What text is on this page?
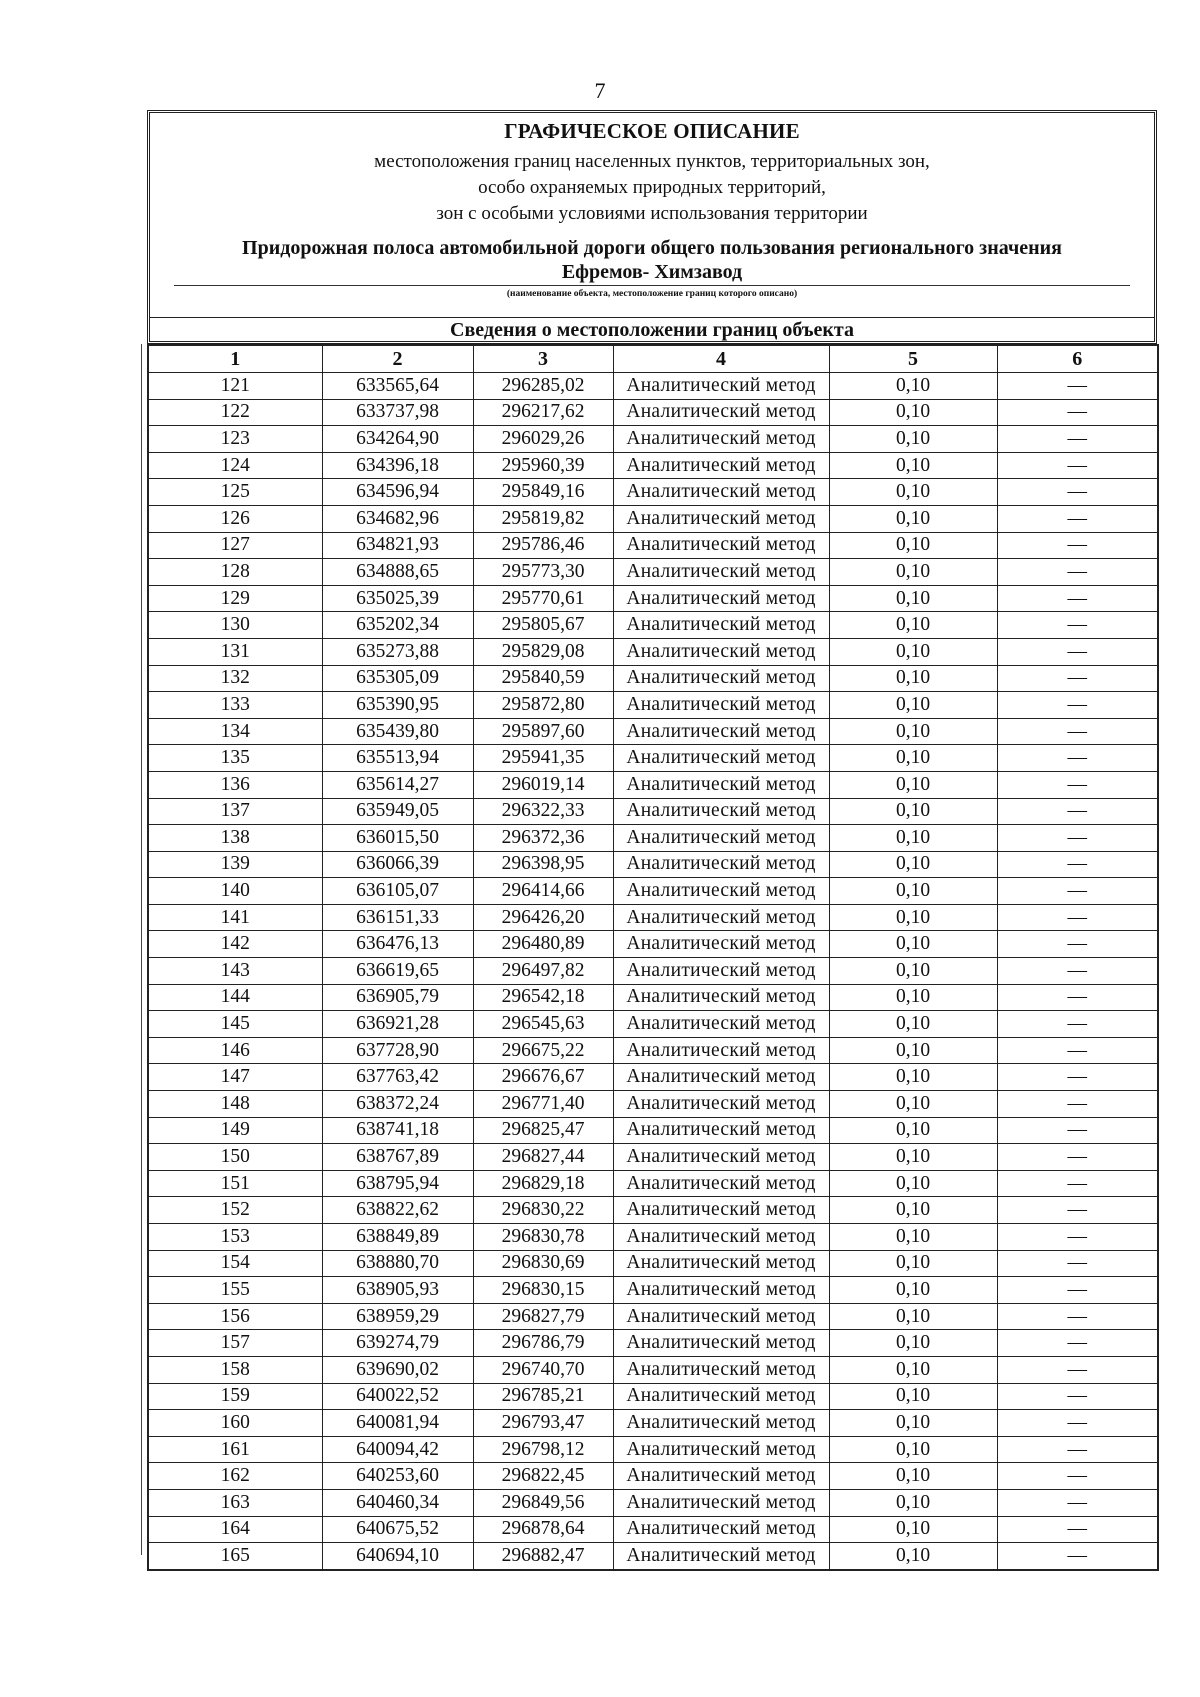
7
ГРАФИЧЕСКОЕ ОПИСАНИЕ
местоположения границ населенных пунктов, территориальных зон,
особо охраняемых природных территорий,
зон с особыми условиями использования территории
Придорожная полоса автомобильной дороги общего пользования регионального значения
Ефремов- Химзавод
(наименование объекта, местоположение границ которого описано)
Сведения о местоположении границ объекта
1	2	3	4	5	6
121	633565,64	296285,02	Аналитический метод	0,10	—
122	633737,98	296217,62	Аналитический метод	0,10	—
123	634264,90	296029,26	Аналитический метод	0,10	—
124	634396,18	295960,39	Аналитический метод	0,10	—
125	634596,94	295849,16	Аналитический метод	0,10	—
126	634682,96	295819,82	Аналитический метод	0,10	—
127	634821,93	295786,46	Аналитический метод	0,10	—
128	634888,65	295773,30	Аналитический метод	0,10	—
129	635025,39	295770,61	Аналитический метод	0,10	—
130	635202,34	295805,67	Аналитический метод	0,10	—
131	635273,88	295829,08	Аналитический метод	0,10	—
132	635305,09	295840,59	Аналитический метод	0,10	—
133	635390,95	295872,80	Аналитический метод	0,10	—
134	635439,80	295897,60	Аналитический метод	0,10	—
135	635513,94	295941,35	Аналитический метод	0,10	—
136	635614,27	296019,14	Аналитический метод	0,10	—
137	635949,05	296322,33	Аналитический метод	0,10	—
138	636015,50	296372,36	Аналитический метод	0,10	—
139	636066,39	296398,95	Аналитический метод	0,10	—
140	636105,07	296414,66	Аналитический метод	0,10	—
141	636151,33	296426,20	Аналитический метод	0,10	—
142	636476,13	296480,89	Аналитический метод	0,10	—
143	636619,65	296497,82	Аналитический метод	0,10	—
144	636905,79	296542,18	Аналитический метод	0,10	—
145	636921,28	296545,63	Аналитический метод	0,10	—
146	637728,90	296675,22	Аналитический метод	0,10	—
147	637763,42	296676,67	Аналитический метод	0,10	—
148	638372,24	296771,40	Аналитический метод	0,10	—
149	638741,18	296825,47	Аналитический метод	0,10	—
150	638767,89	296827,44	Аналитический метод	0,10	—
151	638795,94	296829,18	Аналитический метод	0,10	—
152	638822,62	296830,22	Аналитический метод	0,10	—
153	638849,89	296830,78	Аналитический метод	0,10	—
154	638880,70	296830,69	Аналитический метод	0,10	—
155	638905,93	296830,15	Аналитический метод	0,10	—
156	638959,29	296827,79	Аналитический метод	0,10	—
157	639274,79	296786,79	Аналитический метод	0,10	—
158	639690,02	296740,70	Аналитический метод	0,10	—
159	640022,52	296785,21	Аналитический метод	0,10	—
160	640081,94	296793,47	Аналитический метод	0,10	—
161	640094,42	296798,12	Аналитический метод	0,10	—
162	640253,60	296822,45	Аналитический метод	0,10	—
163	640460,34	296849,56	Аналитический метод	0,10	—
164	640675,52	296878,64	Аналитический метод	0,10	—
165	640694,10	296882,47	Аналитический метод	0,10	—
